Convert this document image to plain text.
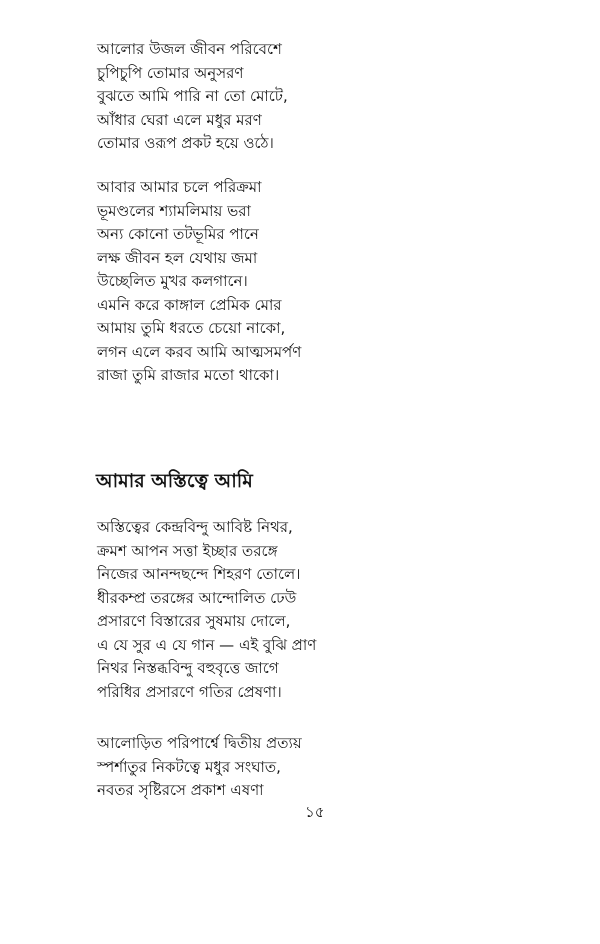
আলোর উজল জীবন পরিবেশে
চুপিচুপি তোমার অনুসরণ
বুঝতে আমি পারি না তো মোটে,
আঁধার ঘেরা এলে মধুর মরণ
তোমার ওরূপ প্রকট হয়ে ওঠে।
আবার আমার চলে পরিক্রমা
ভূমণ্ডলের শ্যামলিমায় ভরা
অন্য কোনো তটভূমির পানে
লক্ষ জীবন হল যেথায় জমা
উচ্ছেলিত মুখর কলগানে।
এমনি করে কাঙ্গাল প্রেমিক মোর
আমায় তুমি ধরতে চেয়ো নাকো,
লগন এলে করব আমি আত্মসমর্পণ
রাজা তুমি রাজার মতো থাকো।
আমার অস্তিত্বে আমি
অস্তিত্বের কেন্দ্রবিন্দু আবিষ্ট নিথর,
ক্রমশ আপন সত্তা ইচ্ছার তরঙ্গে
নিজের আনন্দছন্দে শিহরণ তোলে।
ধীরকম্প্র তরঙ্গের আন্দোলিত ঢেউ
প্রসারণে বিস্তারের সুষমায় দোলে,
এ যে সুর এ যে গান — এই বুঝি প্রাণ
নিথর নিস্তব্ধবিন্দু বহুবৃত্তে জাগে
পরিধির প্রসারণে গতির প্রেষণা।
আলোড়িত পরিপার্শ্বে দ্বিতীয় প্রত্যয়
স্পর্শাতুর নিকটত্বে মধুর সংঘাত,
নবতর সৃষ্টিরসে প্রকাশ এষণা
১৫
